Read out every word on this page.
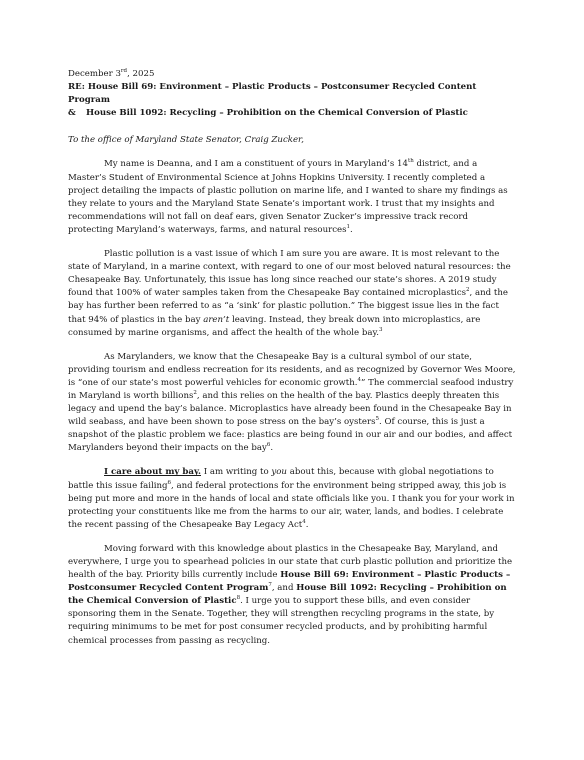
December 3rd, 2025

RE: House Bill 69: Environment – Plastic Products – Postconsumer Recycled Content Program

& House Bill 1092: Recycling – Prohibition on the Chemical Conversion of Plastic

To the office of Maryland State Senator, Craig Zucker,

My name is Deanna, and I am a constituent of yours in Maryland’s 14th district, and a Master’s Student of Environmental Science at Johns Hopkins University. I recently completed a project detailing the impacts of plastic pollution on marine life, and I wanted to share my findings as they relate to yours and the Maryland State Senate’s important work. I trust that my insights and recommendations will not fall on deaf ears, given Senator Zucker’s impressive track record protecting Maryland’s waterways, farms, and natural resources$^1$.

Plastic pollution is a vast issue of which I am sure you are aware. It is most relevant to the state of Maryland, in a marine context, with regard to one of our most beloved natural resources: the Chesapeake Bay. Unfortunately, this issue has long since reached our state’s shores. A 2019 study found that 100% of water samples taken from the Chesapeake Bay contained microplastics$^2$, and the bay has further been referred to as “a ‘sink’ for plastic pollution.” The biggest issue lies in the fact that 94% of plastics in the bay aren’t leaving. Instead, they break down into microplastics, are consumed by marine organisms, and affect the health of the whole bay.$^3$

As Marylanders, we know that the Chesapeake Bay is a cultural symbol of our state, providing tourism and endless recreation for its residents, and as recognized by Governor Wes Moore, is “one of our state’s most powerful vehicles for economic growth.$^4$” The commercial seafood industry in Maryland is worth billions$^2$, and this relies on the health of the bay. Plastics deeply threaten this legacy and upend the bay’s balance. Microplastics have already been found in the Chesapeake Bay in wild seabass, and have been shown to pose stress on the bay’s oysters$^5$. Of course, this is just a snapshot of the plastic problem we face: plastics are being found in our air and our bodies, and affect Marylanders beyond their impacts on the bay$^6$.

I care about my bay. I am writing to you about this, because with global negotiations to battle this issue failing$^6$, and federal protections for the environment being stripped away, this job is being put more and more in the hands of local and state officials like you. I thank you for your work in protecting your constituents like me from the harms to our air, water, lands, and bodies. I celebrate the recent passing of the Chesapeake Bay Legacy Act$^4$.

Moving forward with this knowledge about plastics in the Chesapeake Bay, Maryland, and everywhere, I urge you to spearhead policies in our state that curb plastic pollution and prioritize the health of the bay. Priority bills currently include House Bill 69: Environment – Plastic Products – Postconsumer Recycled Content Program$^7$, and House Bill 1092: Recycling – Prohibition on the Chemical Conversion of Plastic$^8$. I urge you to support these bills, and even consider sponsoring them in the Senate. Together, they will strengthen recycling programs in the state, by requiring minimums to be met for post consumer recycled products, and by prohibiting harmful chemical processes from passing as recycling.
